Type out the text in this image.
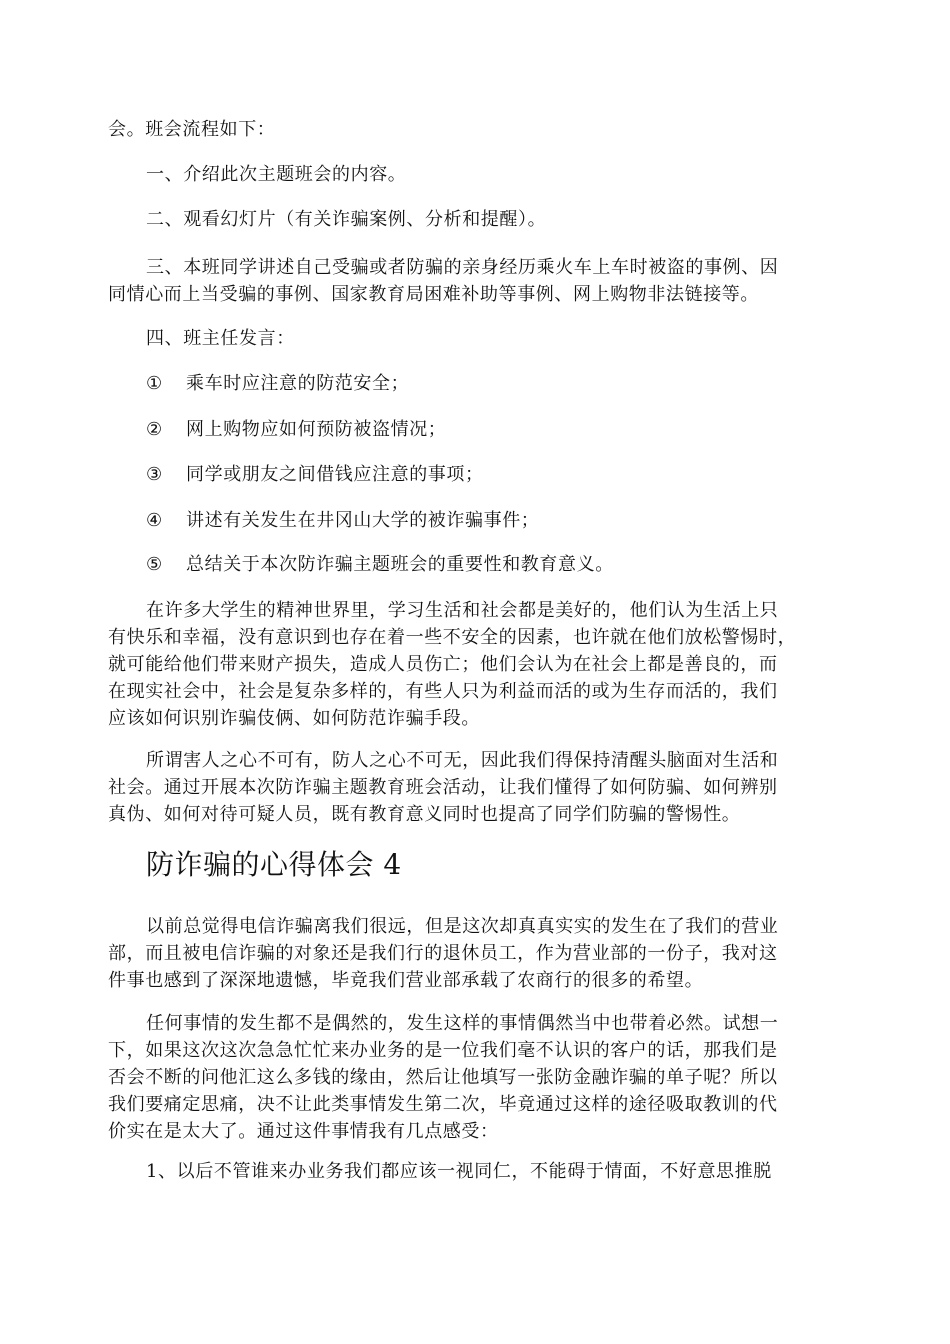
会。班会流程如下：
一、介绍此次主题班会的内容。
二、观看幻灯片（有关诈骗案例、分析和提醒）。
三、本班同学讲述自己受骗或者防骗的亲身经历乘火车上车时被盗的事例、因
同情心而上当受骗的事例、国家教育局困难补助等事例、网上购物非法链接等。
四、班主任发言：
① 乘车时应注意的防范安全；
② 网上购物应如何预防被盗情况；
③ 同学或朋友之间借钱应注意的事项；
④ 讲述有关发生在井冈山大学的被诈骗事件；
⑤ 总结关于本次防诈骗主题班会的重要性和教育意义。
在许多大学生的精神世界里，学习生活和社会都是美好的，他们认为生活上只
有快乐和幸福，没有意识到也存在着一些不安全的因素，也许就在他们放松警惕时，
就可能给他们带来财产损失，造成人员伤亡；他们会认为在社会上都是善良的，而
在现实社会中，社会是复杂多样的，有些人只为利益而活的或为生存而活的，我们
应该如何识别诈骗伎俩、如何防范诈骗手段。
所谓害人之心不可有，防人之心不可无，因此我们得保持清醒头脑面对生活和
社会。通过开展本次防诈骗主题教育班会活动，让我们懂得了如何防骗、如何辨别
真伪、如何对待可疑人员，既有教育意义同时也提高了同学们防骗的警惕性。
防诈骗的心得体会 4
以前总觉得电信诈骗离我们很远，但是这次却真真实实的发生在了我们的营业
部，而且被电信诈骗的对象还是我们行的退休员工，作为营业部的一份子，我对这
件事也感到了深深地遗憾，毕竟我们营业部承载了农商行的很多的希望。
任何事情的发生都不是偶然的，发生这样的事情偶然当中也带着必然。试想一
下，如果这次这次急急忙忙来办业务的是一位我们毫不认识的客户的话，那我们是
否会不断的问他汇这么多钱的缘由，然后让他填写一张防金融诈骗的单子呢？所以
我们要痛定思痛，决不让此类事情发生第二次，毕竟通过这样的途径吸取教训的代
价实在是太大了。通过这件事情我有几点感受：
1、以后不管谁来办业务我们都应该一视同仁，不能碍于情面，不好意思推脱
